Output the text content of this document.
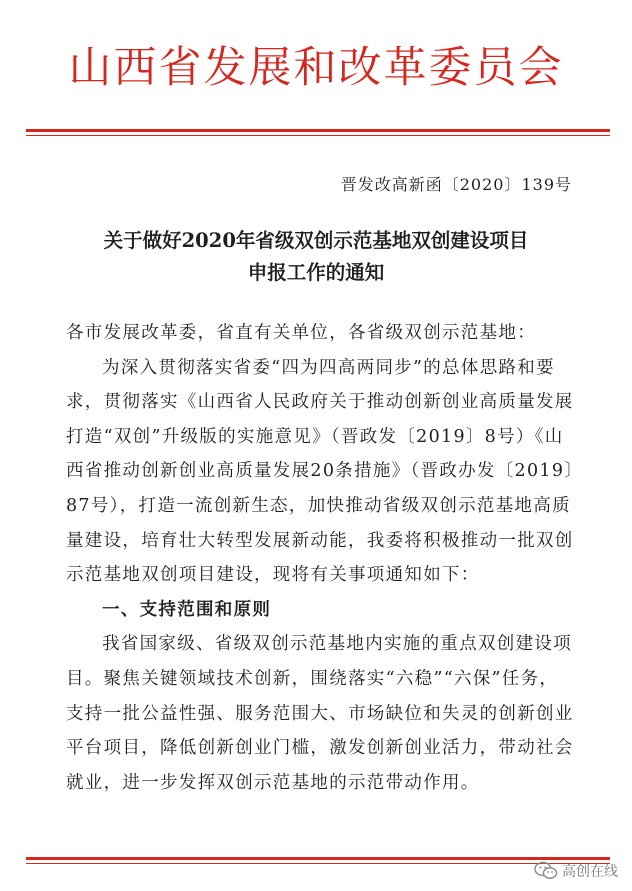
山西省发展和改革委员会
晋发改高新函〔2020〕139号
关于做好2020年省级双创示范基地双创建设项目
申报工作的通知
各市发展改革委，省直有关单位，各省级双创示范基地：
为深入贯彻落实省委“四为四高两同步”的总体思路和要
求，贯彻落实《山西省人民政府关于推动创新创业高质量发展
打造“双创”升级版的实施意见》（晋政发〔2019〕8号）《山
西省推动创新创业高质量发展20条措施》（晋政办发〔2019〕
87号），打造一流创新生态，加快推动省级双创示范基地高质
量建设，培育壮大转型发展新动能，我委将积极推动一批双创
示范基地双创项目建设，现将有关事项通知如下：
一、支持范围和原则
我省国家级、省级双创示范基地内实施的重点双创建设项
目。聚焦关键领域技术创新，围绕落实“六稳”“六保”任务，
支持一批公益性强、服务范围大、市场缺位和失灵的创新创业
平台项目，降低创新创业门槛，激发创新创业活力，带动社会
就业，进一步发挥双创示范基地的示范带动作用。
高创在线
